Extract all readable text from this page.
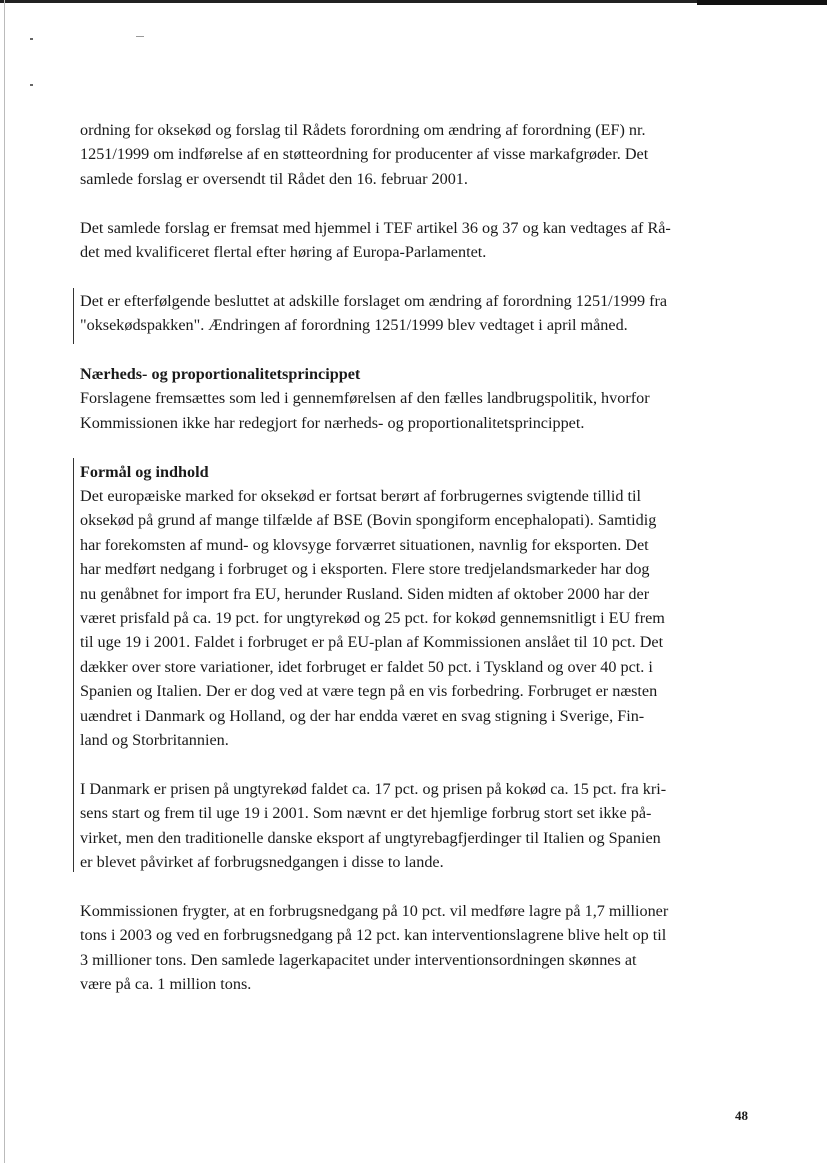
ordning for oksekød og forslag til Rådets forordning om ændring af forordning (EF) nr.
1251/1999 om indførelse af en støtteordning for producenter af visse markafgrøder. Det
samlede forslag er oversendt til Rådet den 16. februar 2001.

Det samlede forslag er fremsat med hjemmel i TEF artikel 36 og 37 og kan vedtages af Rå-
det med kvalificeret flertal efter høring af Europa-Parlamentet.

Det er efterfølgende besluttet at adskille forslaget om ændring af forordning 1251/1999 fra
"oksekødspakken". Ændringen af forordning 1251/1999 blev vedtaget i april måned.

Nærheds- og proportionalitetsprincippet

Forslagene fremsættes som led i gennemførelsen af den fælles landbrugspolitik, hvorfor
Kommissionen ikke har redegjort for nærheds- og proportionalitetsprincippet.

Formål og indhold

Det europæiske marked for oksekød er fortsat berørt af forbrugernes svigtende tillid til
oksekød på grund af mange tilfælde af BSE (Bovin spongiform encephalopati). Samtidig
har forekomsten af mund- og klovsyge forværret situationen, navnlig for eksporten. Det
har medført nedgang i forbruget og i eksporten. Flere store tredjelandsmarkeder har dog
nu genåbnet for import fra EU, herunder Rusland. Siden midten af oktober 2000 har der
været prisfald på ca. 19 pct. for ungtyrekød og 25 pct. for kokød gennemsnitligt i EU frem
til uge 19 i 2001. Faldet i forbruget er på EU-plan af Kommissionen anslået til 10 pct. Det
dækker over store variationer, idet forbruget er faldet 50 pct. i Tyskland og over 40 pct. i
Spanien og Italien. Der er dog ved at være tegn på en vis forbedring. Forbruget er næsten
uændret i Danmark og Holland, og der har endda været en svag stigning i Sverige, Fin-
land og Storbritannien.

I Danmark er prisen på ungtyrekød faldet ca. 17 pct. og prisen på kokød ca. 15 pct. fra kri-
sens start og frem til uge 19 i 2001. Som nævnt er det hjemlige forbrug stort set ikke på-
virket, men den traditionelle danske eksport af ungtyrebagfjerdinger til Italien og Spanien
er blevet påvirket af forbrugsnedgangen i disse to lande.

Kommissionen frygter, at en forbrugsnedgang på 10 pct. vil medføre lagre på 1,7 millioner
tons i 2003 og ved en forbrugsnedgang på 12 pct. kan interventionslagrene blive helt op til
3 millioner tons. Den samlede lagerkapacitet under interventionsordningen skønnes at
være på ca. 1 million tons.

48
